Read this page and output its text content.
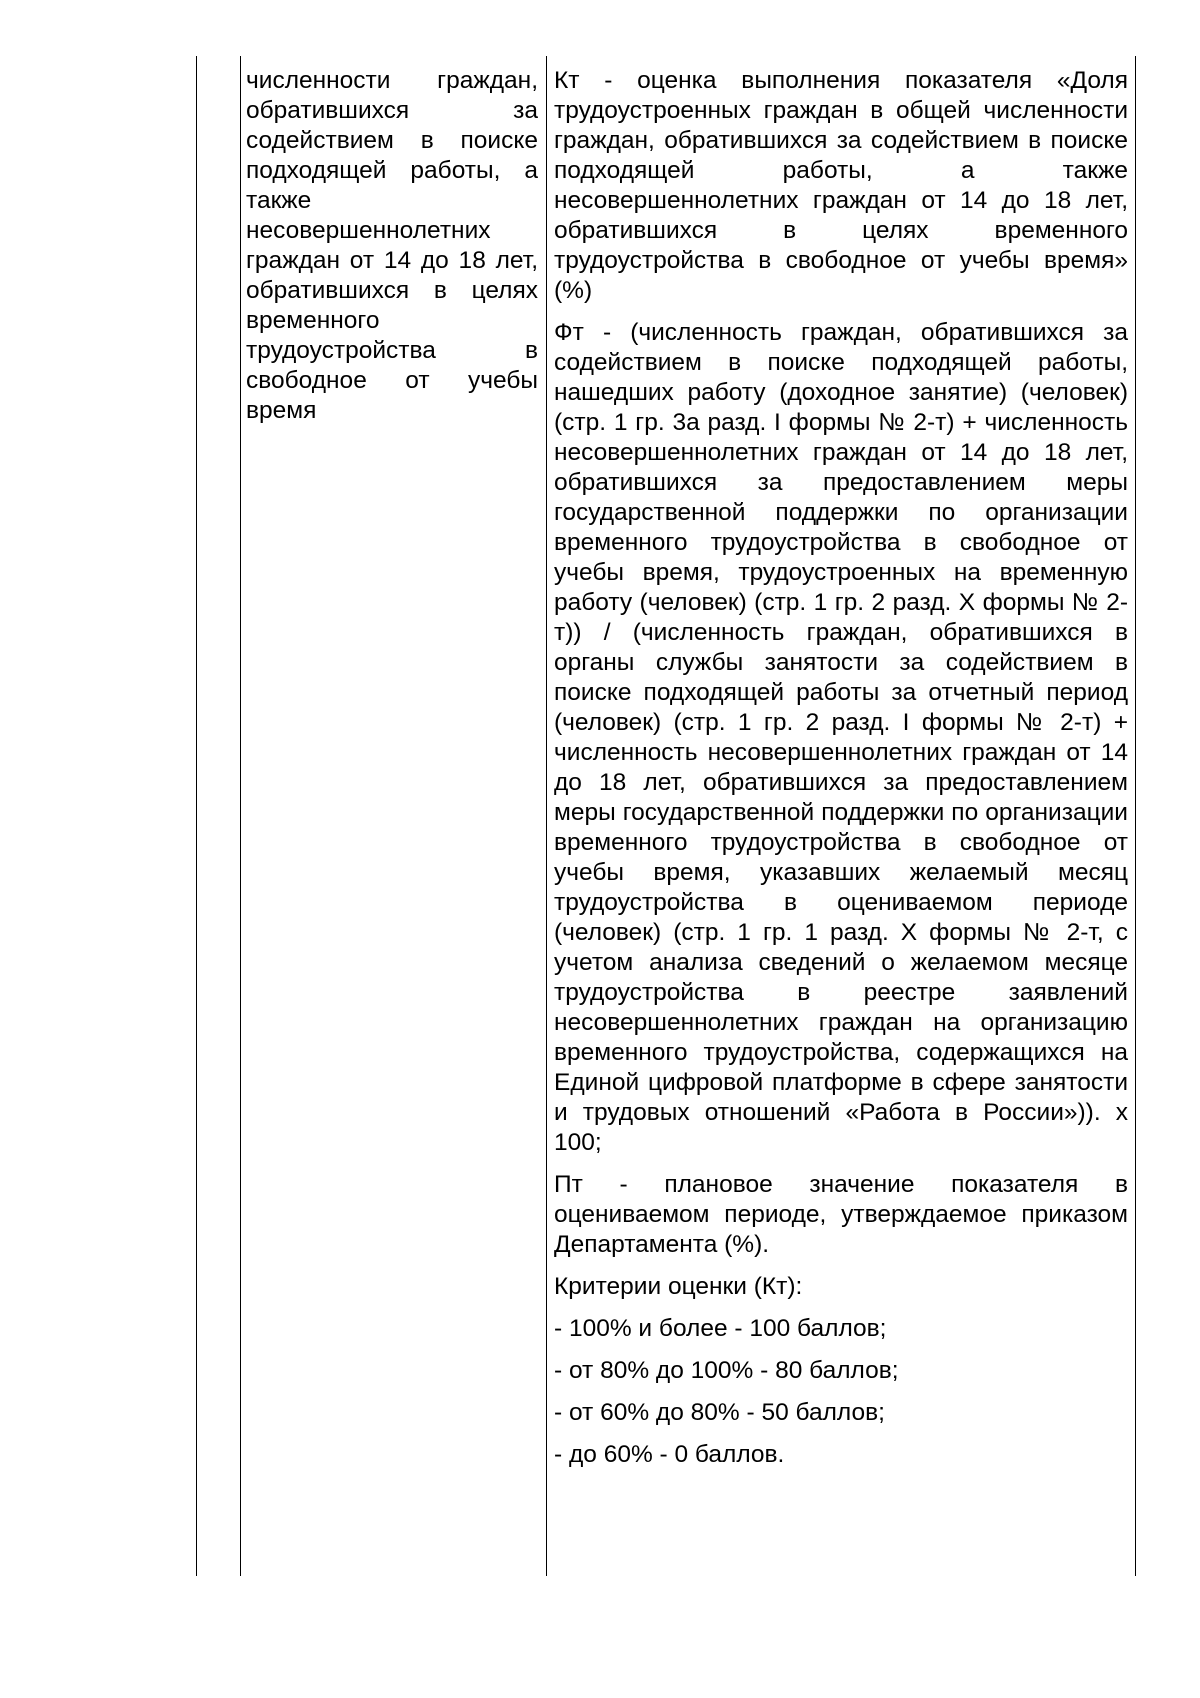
численности граждан, обратившихся за содействием в поиске подходящей работы, а также несовершеннолетних граждан от 14 до 18 лет, обратившихся в целях временного трудоустройства в свободное от учебы время

Кт - оценка выполнения показателя «Доля трудоустроенных граждан в общей численности граждан, обратившихся за содействием в поиске подходящей работы, а также несовершеннолетних граждан от 14 до 18 лет, обратившихся в целях временного трудоустройства в свободное от учебы время» (%)

Фт - (численность граждан, обратившихся за содействием в поиске подходящей работы, нашедших работу (доходное занятие) (человек) (стр. 1 гр. 3а разд. I формы № 2-т) + численность несовершеннолетних граждан от 14 до 18 лет, обратившихся за предоставлением меры государственной поддержки по организации временного трудоустройства в свободное от учебы время, трудоустроенных на временную работу (человек) (стр. 1 гр. 2 разд. X формы № 2-т)) / (численность граждан, обратившихся в органы службы занятости за содействием в поиске подходящей работы за отчетный период (человек) (стр. 1 гр. 2 разд. I формы № 2-т) + численность несовершеннолетних граждан от 14 до 18 лет, обратившихся за предоставлением меры государственной поддержки по организации временного трудоустройства в свободное от учебы время, указавших желаемый месяц трудоустройства в оцениваемом периоде (человек) (стр. 1 гр. 1 разд. X формы № 2-т, с учетом анализа сведений о желаемом месяце трудоустройства в реестре заявлений несовершеннолетних граждан на организацию временного трудоустройства, содержащихся на Единой цифровой платформе в сфере занятости и трудовых отношений «Работа в России»)). х 100;

Пт - плановое значение показателя в оцениваемом периоде, утверждаемое приказом Департамента (%).

Критерии оценки (Кт):

- 100% и более - 100 баллов;

- от 80% до 100% - 80 баллов;

- от 60% до 80% - 50 баллов;

- до 60% - 0 баллов.
